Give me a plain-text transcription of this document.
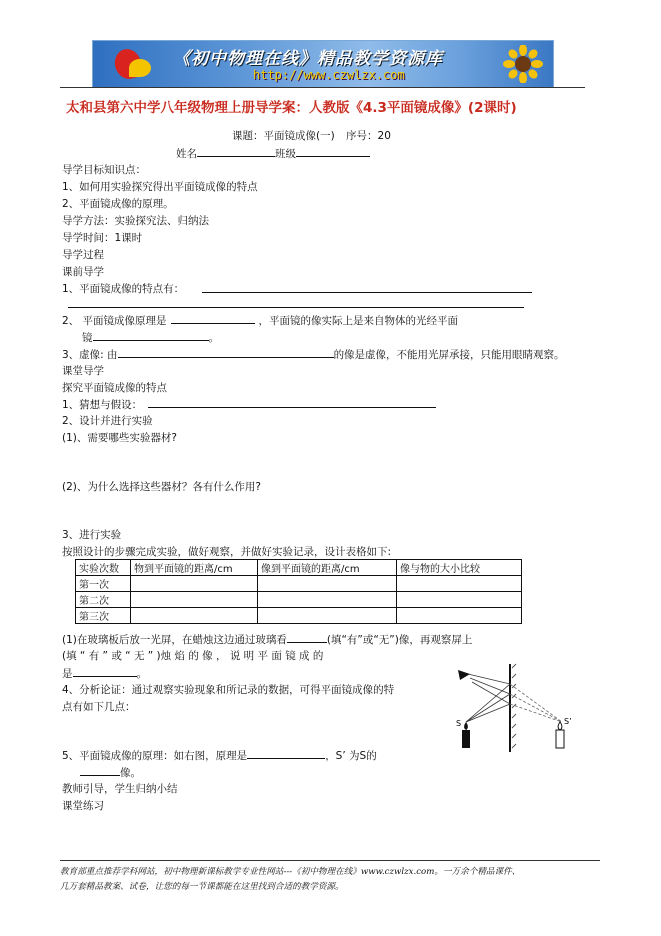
《初中物理在线》精品教学资源库
http://www.czwlzx.com
太和县第六中学八年级物理上册导学案：人教版《4.3平面镜成像》(2课时)
课题：平面镜成像(一) 序号：20
姓名	班级
导学目标知识点：
1、如何用实验探究得出平面镜成像的特点
2、平面镜成像的原理。
导学方法：实验探究法、归纳法
导学时间：1课时
导学过程
课前导学
1、平面镜成像的特点有：
2、 平面镜成像原理是	，平面镜的像实际上是来自物体的光经平面
镜	。
3、虚像: 由	的像是虚像，不能用光屏承接，只能用眼睛观察。
课堂导学
探究平面镜成像的特点
1、猜想与假设：
2、设计并进行实验
(1)、需要哪些实验器材?
(2)、为什么选择这些器材？各有什么作用?
3、进行实验
按照设计的步骤完成实验，做好观察，并做好实验记录，设计表格如下:
实验次数	物到平面镜的距离/cm	像到平面镜的距离/cm	像与物的大小比较
第一次			
第二次			
第三次			
(1)在玻璃板后放一光屏，在蜡烛这边通过玻璃看	(填“有”或“无”)像，再观察屏上
(填 “ 有 ” 或 “ 无 ” )烛 焰 的 像 ， 说 明 平 面 镜 成 的
是	。
4、分析论证：通过观察实验现象和所记录的数据，可得平面镜成像的特
点有如下几点：
5、平面镜成像的原理：如右图，原理是	，S’ 为S的
像。
教师引导，学生归纳小结
课堂练习
S	S’
教育部重点推荐学科网站，初中物理新课标教学专业性网站---《初中物理在线》www.czwlzx.com。一万余个精品课件、
几万套精品教案、试卷，让您的每一节课都能在这里找到合适的教学资源。
